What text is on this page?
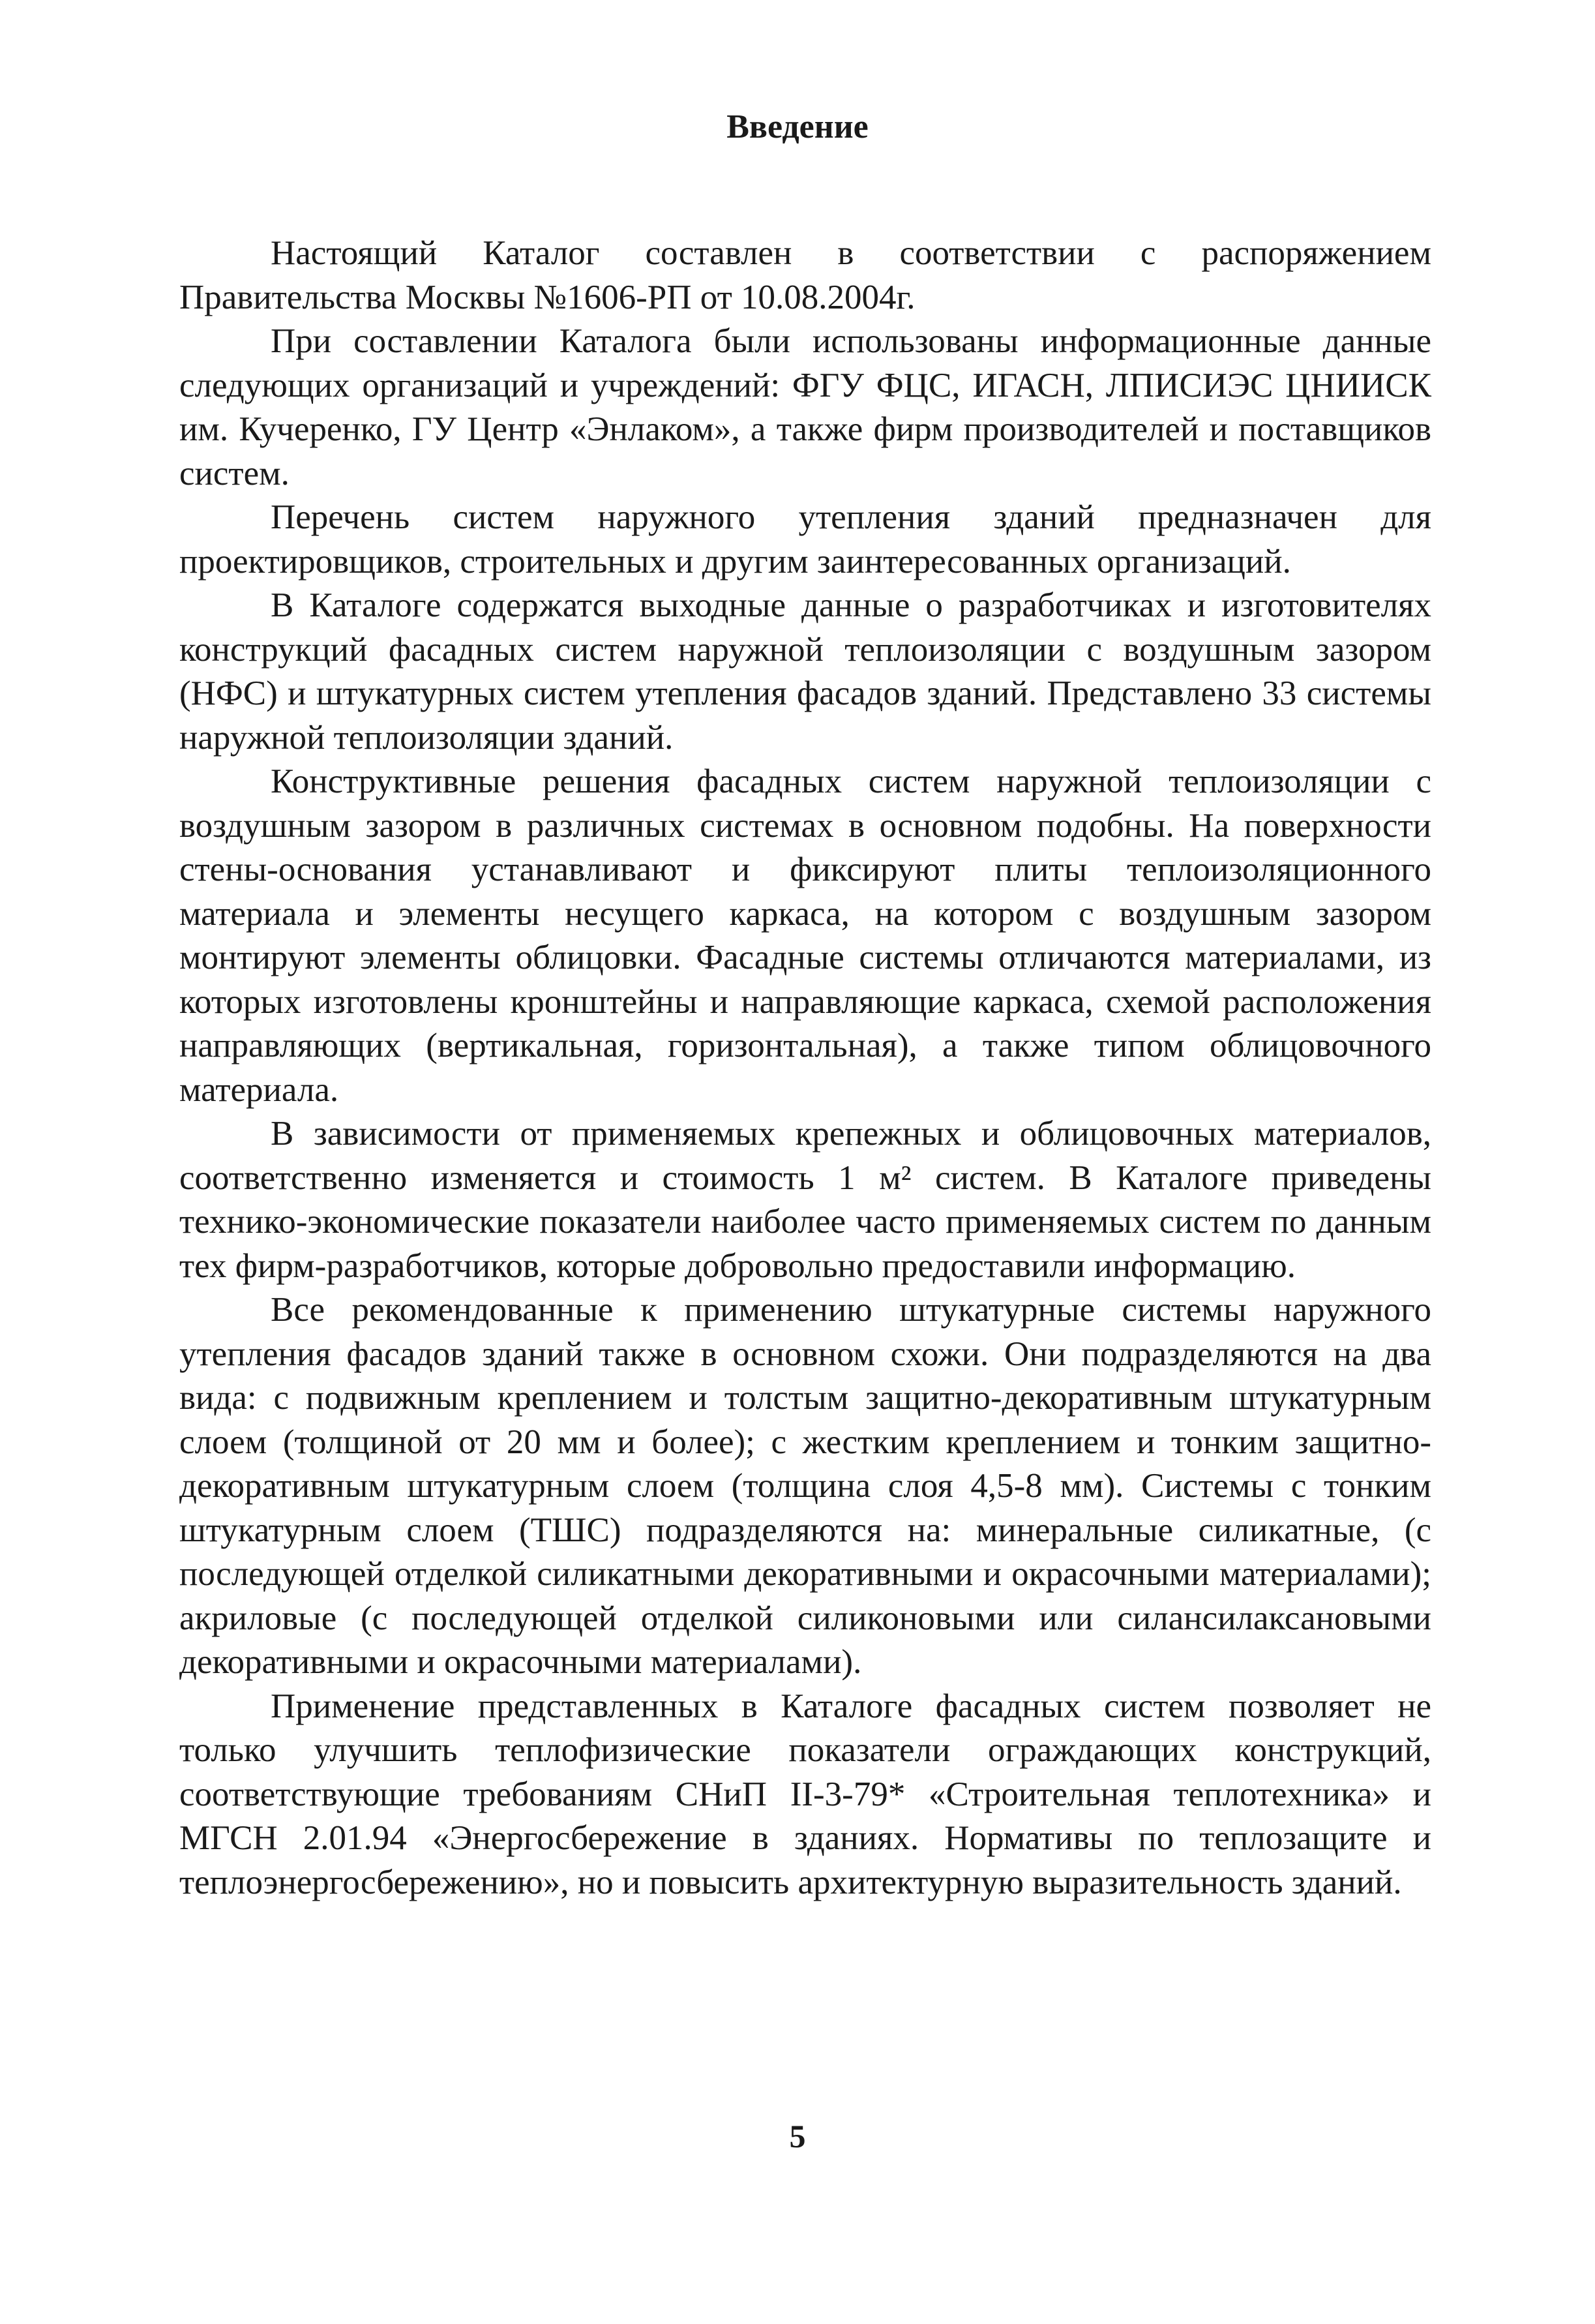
Введение

Настоящий Каталог составлен в соответствии с распоряжением Правительства Москвы №1606-РП от 10.08.2004г.

При составлении Каталога были использованы информационные данные следующих организаций и учреждений: ФГУ ФЦС, ИГАСН, ЛПИСИЭС ЦНИИСК им. Кучеренко, ГУ Центр «Энлаком», а также фирм производителей и поставщиков систем.

Перечень систем наружного утепления зданий предназначен для проектировщиков, строительных и другим заинтересованных организаций.

В Каталоге содержатся выходные данные о разработчиках и изготовителях конструкций фасадных систем наружной теплоизоляции с воздушным зазором (НФС) и штукатурных систем утепления фасадов зданий. Представлено 33 системы наружной теплоизоляции зданий.

Конструктивные решения фасадных систем наружной теплоизоляции с воздушным зазором в различных системах в основном подобны. На поверхности стены-основания устанавливают и фиксируют плиты теплоизоляционного материала и элементы несущего каркаса, на котором с воздушным зазором монтируют элементы облицовки. Фасадные системы отличаются материалами, из которых изготовлены кронштейны и направляющие каркаса, схемой расположения направляющих (вертикальная, горизонтальная), а также типом облицовочного материала.

В зависимости от применяемых крепежных и облицовочных материалов, соответственно изменяется и стоимость 1 м² систем. В Каталоге приведены технико-экономические показатели наиболее часто применяемых систем по данным тех фирм-разработчиков, которые добровольно предоставили информацию.

Все рекомендованные к применению штукатурные системы наружного утепления фасадов зданий также в основном схожи. Они подразделяются на два вида: с подвижным креплением и толстым защитно-декоративным штукатурным слоем (толщиной от 20 мм и более); с жестким креплением и тонким защитно-декоративным штукатурным слоем (толщина слоя 4,5-8 мм). Системы с тонким штукатурным слоем (ТШС) подразделяются на: минеральные силикатные, (с последующей отделкой силикатными декоративными и окрасочными материалами); акриловые (с последующей отделкой силиконовыми или силансилаксановыми декоративными и окрасочными материалами).

Применение представленных в Каталоге фасадных систем позволяет не только улучшить теплофизические показатели ограждающих конструкций, соответствующие требованиям СНиП II-3-79* «Строительная теплотехника» и МГСН 2.01.94 «Энергосбережение в зданиях. Нормативы по теплозащите и теплоэнергосбережению», но и повысить архитектурную выразительность зданий.

5
